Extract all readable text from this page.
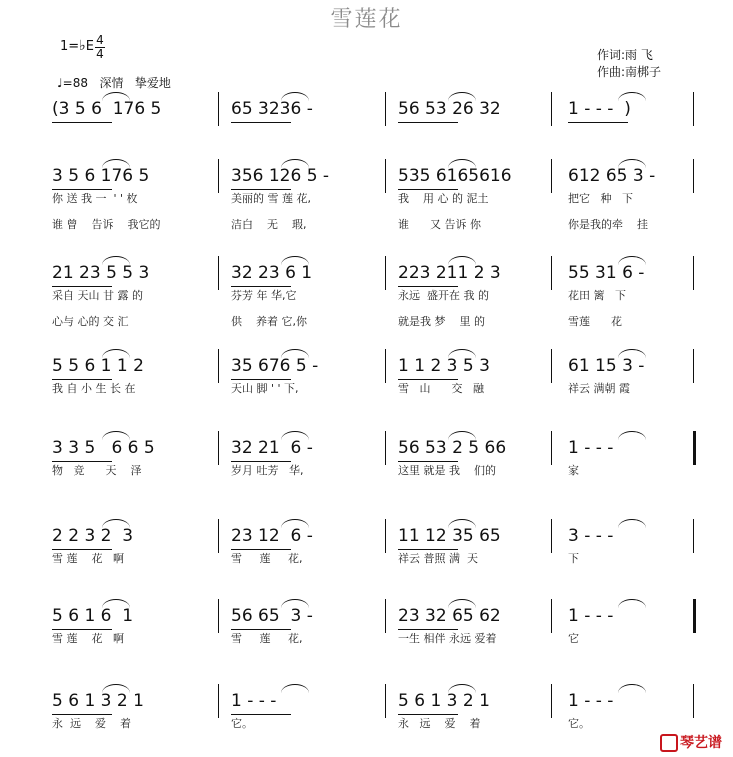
雪莲花
1=♭E 4
4
♩=88 深情 挚爱地
作词:雨 飞
作曲:南梆子
(3 5 6  176 5	65 3236 -	56 53 26 32	1 - - -  )
3 5 6 176 5	356 126 5 -	535 6165616	612 65 3 -
你 送 我 一  ' ' 枚	美丽的 雪 莲 花,	我    用 心 的 泥土	把它   种   下
谁 曾    告诉    我它的	洁白    无    瑕,	谁      又 告诉 你	你是我的牵    挂
21 23 5 5 3	32 23 6 1	223 211 2 3	55 31 6 -
采自 天山 甘 露 的	芬芳 年 华,它	永远  盛开在 我 的	花田 篱   下
心与 心的 交 汇	供    养着 它,你	就是我 梦    里 的	雪莲      花
5 5 6 1 1 2	35 676 5 -	1 1 2 3 5 3	61 15 3 -
我 自 小 生 长 在	天山 脚 ' ' 下,	雪   山      交   融	祥云 满朝 霞
3 3 5   6 6 5	32 21  6 -	56 53 2 5 66	1 - - -
物   竞      天    泽	岁月 吐芳   华,	这里 就是 我    们的	家
2 2 3 2  3	23 12  6 -	11 12 35 65	3 - - -
雪 莲    花   啊	雪     莲     花,	祥云 普照 满  天	下
5 6 1 6  1	56 65  3 -	23 32 65 62	1 - - -
雪 莲    花   啊	雪     莲     花,	一生 相伴 永远 爱着	它
5 6 1 3 2 1	1 - - -	5 6 1 3 2 1	1 - - -
永  远    爱    着	它。	永   远    爱    着	它。
琴艺谱
